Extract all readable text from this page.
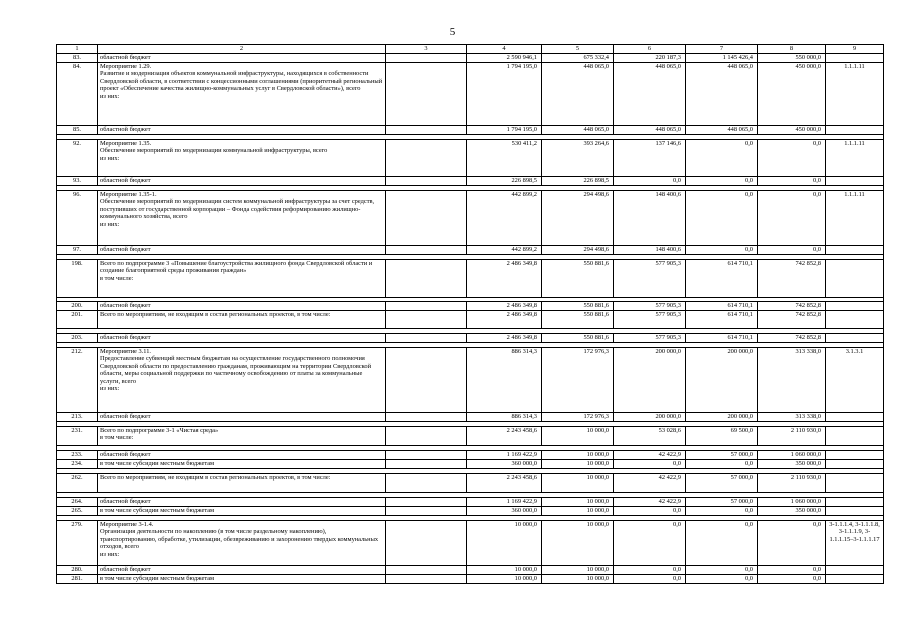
5
1	2	3	4	5	6	7	8	9
83.	областной бюджет		2 590 946,1	675 332,4	220 187,3	1 145 426,4	550 000,0	
84.	Мероприятие 1.29.
Развитие и модернизация объектов коммунальной инфраструктуры, находящихся в собственности Свердловской области, в соответствии с концессионными соглашениями (приоритетный региональный проект «Обеспечение качества жилищно-коммунальных услуг в Свердловской области»), всего
из них:		1 794 195,0	448 065,0	448 065,0	448 065,0	450 000,0	1.1.1.11
85.	областной бюджет		1 794 195,0	448 065,0	448 065,0	448 065,0	450 000,0	

92.	Мероприятие 1.35.
Обеспечение мероприятий по модернизации коммунальной инфраструктуры, всего
из них:		530 411,2	393 264,6	137 146,6	0,0	0,0	1.1.1.11
93.	областной бюджет		226 898,5	226 898,5	0,0	0,0	0,0	

96.	Мероприятие 1.35-1.
Обеспечение мероприятий по модернизации систем коммунальной инфраструктуры за счет средств, поступивших от государственной корпорации – Фонда содействия реформированию жилищно-коммунального хозяйства, всего
из них:		442 899,2	294 498,6	148 400,6	0,0	0,0	1.1.1.11
97.	областной бюджет		442 899,2	294 498,6	148 400,6	0,0	0,0	

198.	Всего по подпрограмме 3 «Повышение благоустройства жилищного фонда Свердловской области и создание благоприятной среды проживания граждан»
в том числе:		2 486 349,8	550 881,6	577 905,3	614 710,1	742 852,8	

200.	областной бюджет		2 486 349,8	550 881,6	577 905,3	614 710,1	742 852,8	
201.	Всего по мероприятиям, не входящим в состав региональных проектов, в том числе:		2 486 349,8	550 881,6	577 905,3	614 710,1	742 852,8	

203.	областной бюджет		2 486 349,8	550 881,6	577 905,3	614 710,1	742 852,8	

212.	Мероприятие 3.11.
Предоставление субвенций местным бюджетам на осуществление государственного полномочия Свердловской области по предоставлению гражданам, проживающим на территории Свердловской области, меры социальной поддержки по частичному освобождению от платы за коммунальные услуги, всего
из них:		886 314,3	172 976,3	200 000,0	200 000,0	313 338,0	3.1.3.1
213.	областной бюджет		886 314,3	172 976,3	200 000,0	200 000,0	313 338,0	

231.	Всего по подпрограмме 3-1 «Чистая среда»
в том числе:		2 243 458,6	10 000,0	53 028,6	69 500,0	2 110 930,0	

233.	областной бюджет		1 169 422,9	10 000,0	42 422,9	57 000,0	1 060 000,0	
234.	в том числе субсидии местным бюджетам		360 000,0	10 000,0	0,0	0,0	350 000,0	

262.	Всего по мероприятиям, не входящим в состав региональных проектов, в том числе:		2 243 458,6	10 000,0	42 422,9	57 000,0	2 110 930,0	

264.	областной бюджет		1 169 422,9	10 000,0	42 422,9	57 000,0	1 060 000,0	
265.	в том числе субсидии местным бюджетам		360 000,0	10 000,0	0,0	0,0	350 000,0	

279.	Мероприятие 3-1.4.
Организация деятельности по накоплению (в том числе раздельному накоплению), транспортированию, обработке, утилизации, обезвреживанию и захоронению твердых коммунальных отходов, всего
из них:		10 000,0	10 000,0	0,0	0,0	0,0	3-1.1.1.4, 3-1.1.1.8, 3-1.1.1.9, 3-1.1.1.15–3-1.1.1.17
280.	областной бюджет		10 000,0	10 000,0	0,0	0,0	0,0	
281.	в том числе субсидии местным бюджетам		10 000,0	10 000,0	0,0	0,0	0,0	
